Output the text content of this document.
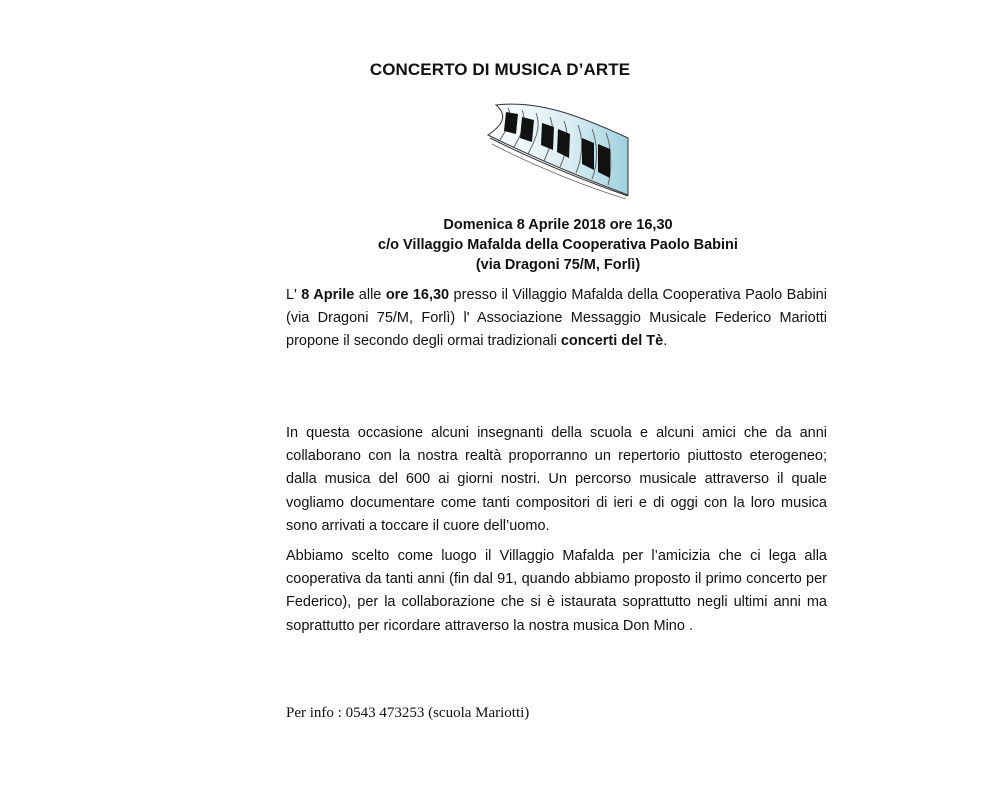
CONCERTO DI MUSICA D’ARTE
Domenica 8 Aprile 2018 ore 16,30
c/o Villaggio Mafalda della Cooperativa Paolo Babini
(via Dragoni 75/M, Forlì)

L' 8 Aprile alle ore 16,30 presso il Villaggio Mafalda della Cooperativa Paolo Babini (via Dragoni 75/M, Forlì) l' Associazione Messaggio Musicale Federico Mariotti propone il secondo degli ormai tradizionali concerti del Tè.

In questa occasione alcuni insegnanti della scuola e alcuni amici che da anni collaborano con la nostra realtà proporranno un repertorio piuttosto eterogeneo; dalla musica del 600 ai giorni nostri. Un percorso musicale attraverso il quale vogliamo documentare come tanti compositori di ieri e di oggi con la loro musica sono arrivati a toccare il cuore dell’uomo.

Abbiamo scelto come luogo il Villaggio Mafalda per l’amicizia che ci lega alla cooperativa da tanti anni (fin dal 91, quando abbiamo proposto il primo concerto per Federico), per la collaborazione che si è istaurata soprattutto negli ultimi anni ma soprattutto per ricordare attraverso la nostra musica Don Mino .

Per info : 0543 473253 (scuola Mariotti)
